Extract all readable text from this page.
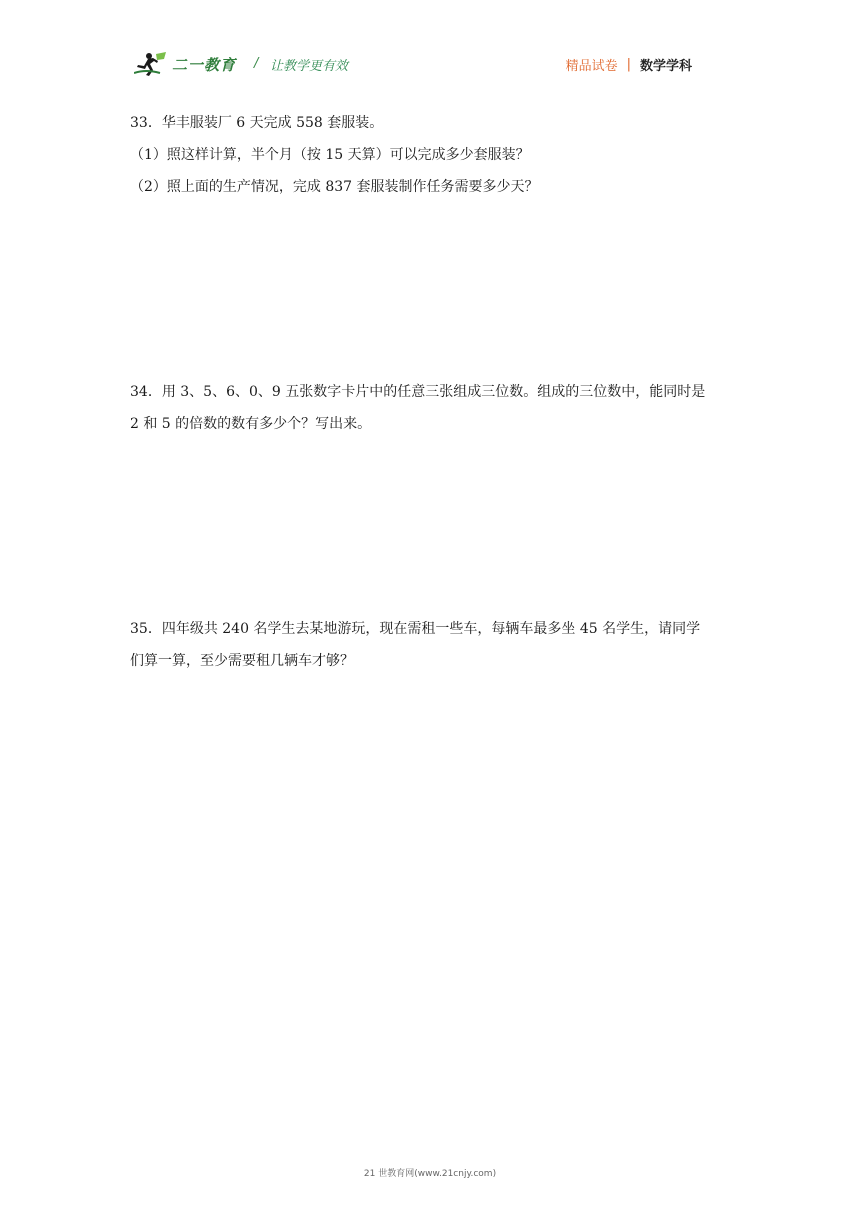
二一教育 / 让教学更有效	精品试卷 | 数学学科

33．华丰服装厂 6 天完成 558 套服装。

（1）照这样计算，半个月（按 15 天算）可以完成多少套服装？

（2）照上面的生产情况，完成 837 套服装制作任务需要多少天？

34．用 3、5、6、0、9 五张数字卡片中的任意三张组成三位数。组成的三位数中，能同时是

2 和 5 的倍数的数有多少个？写出来。

35．四年级共 240 名学生去某地游玩，现在需租一些车，每辆车最多坐 45 名学生，请同学

们算一算，至少需要租几辆车才够？

21 世教育网(www.21cnjy.com)
